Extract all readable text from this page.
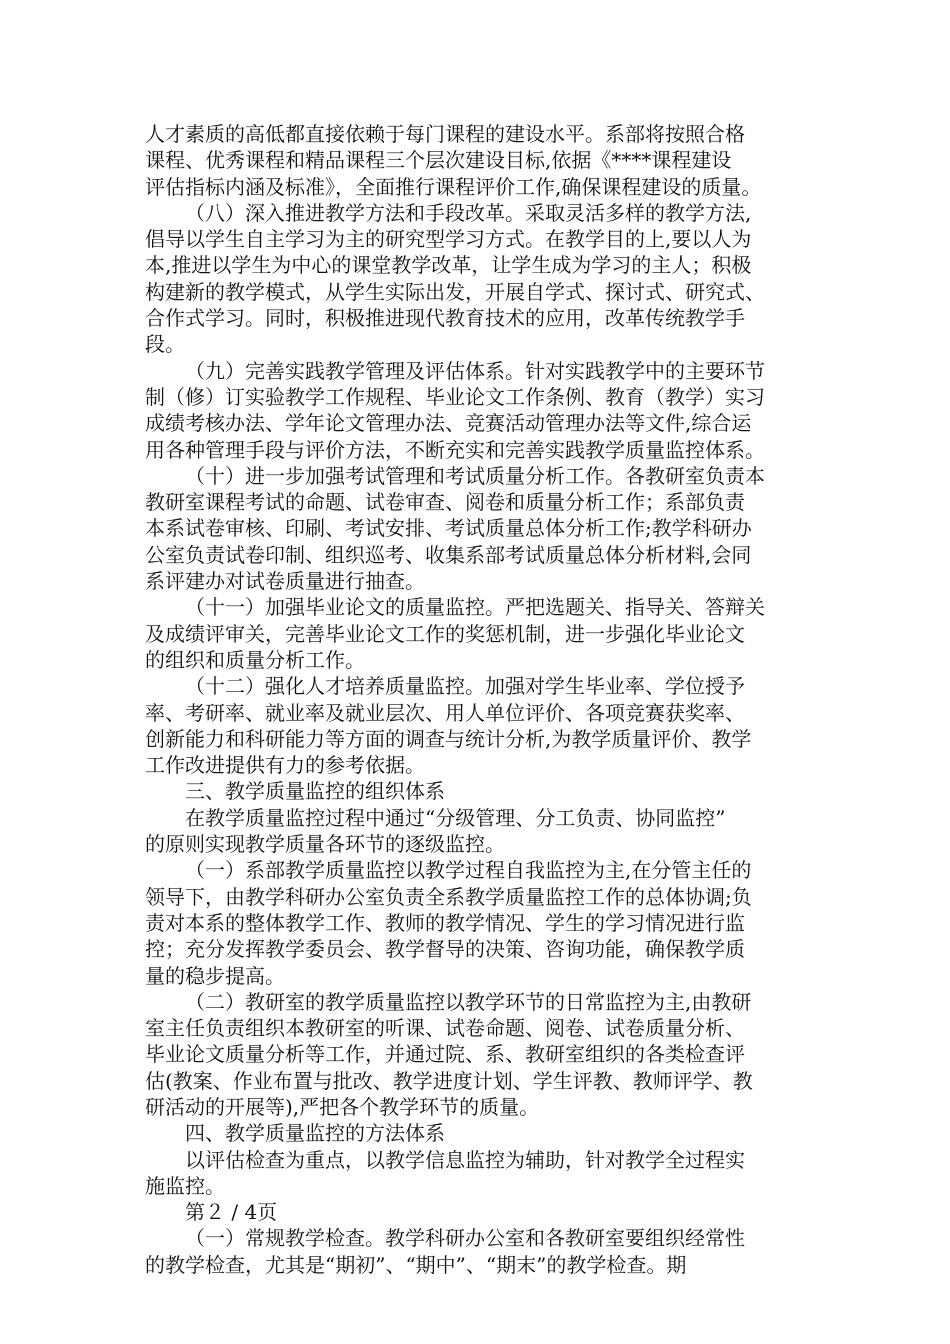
人才素质的高低都直接依赖于每门课程的建设水平。系部将按照合格
课程、优秀课程和精品课程三个层次建设目标,依据《****课程建设
评估指标内涵及标准》，全面推行课程评价工作,确保课程建设的质量。
（八）深入推进教学方法和手段改革。采取灵活多样的教学方法,
倡导以学生自主学习为主的研究型学习方式。在教学目的上,要以人为
本,推进以学生为中心的课堂教学改革，让学生成为学习的主人；积极
构建新的教学模式，从学生实际出发，开展自学式、探讨式、研究式、
合作式学习。同时，积极推进现代教育技术的应用，改革传统教学手
段。
（九）完善实践教学管理及评估体系。针对实践教学中的主要环节
制（修）订实验教学工作规程、毕业论文工作条例、教育（教学）实习
成绩考核办法、学年论文管理办法、竞赛活动管理办法等文件,综合运
用各种管理手段与评价方法，不断充实和完善实践教学质量监控体系。
（十）进一步加强考试管理和考试质量分析工作。各教研室负责本
教研室课程考试的命题、试卷审查、阅卷和质量分析工作；系部负责
本系试卷审核、印刷、考试安排、考试质量总体分析工作;教学科研办
公室负责试卷印制、组织巡考、收集系部考试质量总体分析材料,会同
系评建办对试卷质量进行抽查。
（十一）加强毕业论文的质量监控。严把选题关、指导关、答辩关
及成绩评审关，完善毕业论文工作的奖惩机制，进一步强化毕业论文
的组织和质量分析工作。
（十二）强化人才培养质量监控。加强对学生毕业率、学位授予
率、考研率、就业率及就业层次、用人单位评价、各项竞赛获奖率、
创新能力和科研能力等方面的调查与统计分析,为教学质量评价、教学
工作改进提供有力的参考依据。
三、教学质量监控的组织体系
在教学质量监控过程中通过“分级管理、分工负责、协同监控”
的原则实现教学质量各环节的逐级监控。
（一）系部教学质量监控以教学过程自我监控为主,在分管主任的
领导下，由教学科研办公室负责全系教学质量监控工作的总体协调;负
责对本系的整体教学工作、教师的教学情况、学生的学习情况进行监
控；充分发挥教学委员会、教学督导的决策、咨询功能，确保教学质
量的稳步提高。
（二）教研室的教学质量监控以教学环节的日常监控为主,由教研
室主任负责组织本教研室的听课、试卷命题、阅卷、试卷质量分析、
毕业论文质量分析等工作，并通过院、系、教研室组织的各类检查评
估(教案、作业布置与批改、教学进度计划、学生评教、教师评学、教
研活动的开展等),严把各个教学环节的质量。
四、教学质量监控的方法体系
以评估检查为重点，以教学信息监控为辅助，针对教学全过程实
施监控。
第２ / 4页
（一）常规教学检查。教学科研办公室和各教研室要组织经常性
的教学检查，尤其是“期初”、“期中”、“期末”的教学检查。期
